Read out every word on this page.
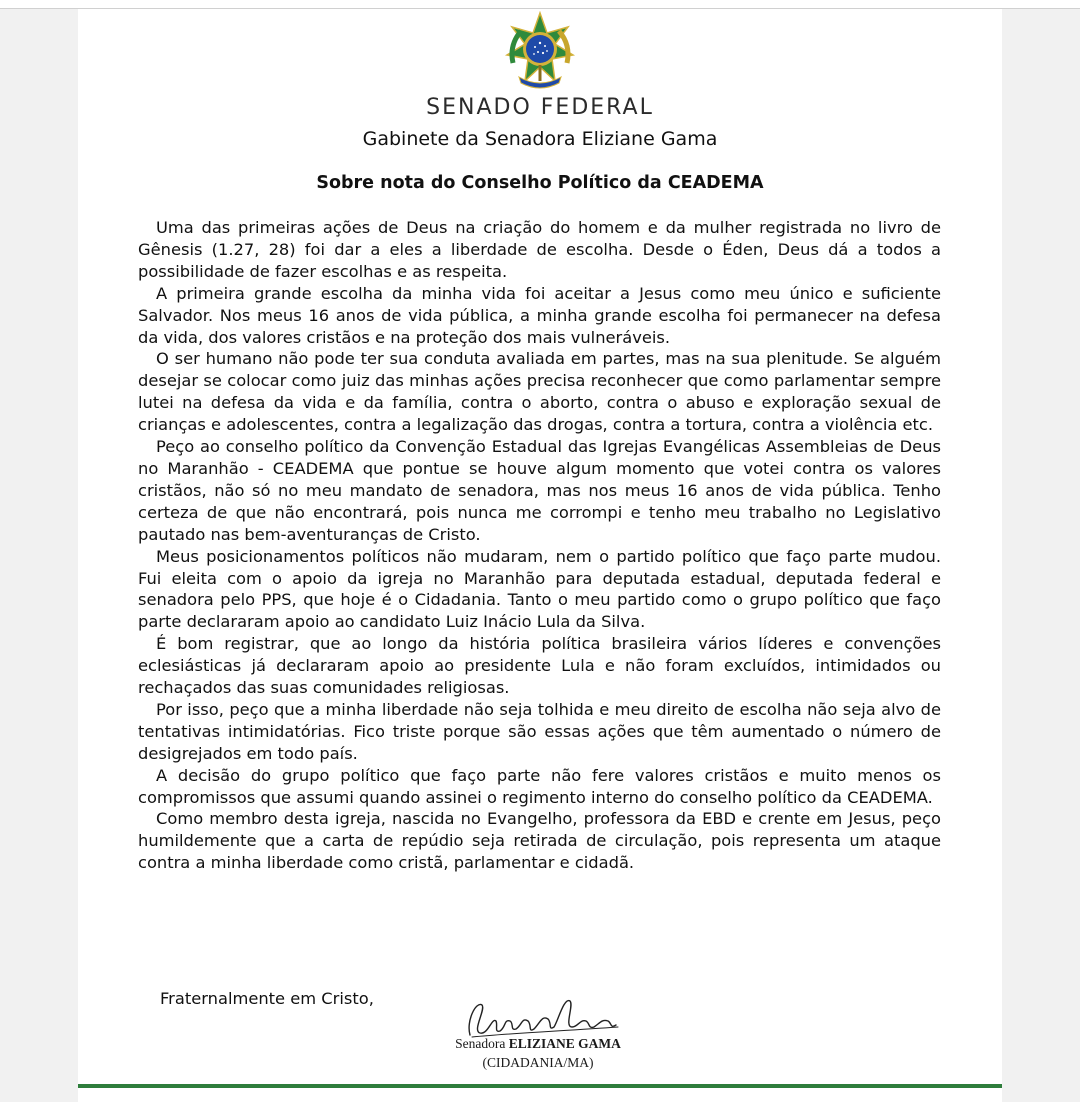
SENADO FEDERAL
Gabinete da Senadora Eliziane Gama
Sobre nota do Conselho Político da CEADEMA

Uma das primeiras ações de Deus na criação do homem e da mulher registrada no livro de Gênesis (1.27, 28) foi dar a eles a liberdade de escolha. Desde o Éden, Deus dá a todos a possibilidade de fazer escolhas e as respeita.

A primeira grande escolha da minha vida foi aceitar a Jesus como meu único e suficiente Salvador. Nos meus 16 anos de vida pública, a minha grande escolha foi permanecer na defesa da vida, dos valores cristãos e na proteção dos mais vulneráveis.

O ser humano não pode ter sua conduta avaliada em partes, mas na sua plenitude. Se alguém desejar se colocar como juiz das minhas ações precisa reconhecer que como parlamentar sempre lutei na defesa da vida e da família, contra o aborto, contra o abuso e exploração sexual de crianças e adolescentes, contra a legalização das drogas, contra a tortura, contra a violência etc.

Peço ao conselho político da Convenção Estadual das Igrejas Evangélicas Assembleias de Deus no Maranhão - CEADEMA que pontue se houve algum momento que votei contra os valores cristãos, não só no meu mandato de senadora, mas nos meus 16 anos de vida pública. Tenho certeza de que não encontrará, pois nunca me corrompi e tenho meu trabalho no Legislativo pautado nas bem-aventuranças de Cristo.

Meus posicionamentos políticos não mudaram, nem o partido político que faço parte mudou. Fui eleita com o apoio da igreja no Maranhão para deputada estadual, deputada federal e senadora pelo PPS, que hoje é o Cidadania. Tanto o meu partido como o grupo político que faço parte declararam apoio ao candidato Luiz Inácio Lula da Silva.

É bom registrar, que ao longo da história política brasileira vários líderes e convenções eclesiásticas já declararam apoio ao presidente Lula e não foram excluídos, intimidados ou rechaçados das suas comunidades religiosas.

Por isso, peço que a minha liberdade não seja tolhida e meu direito de escolha não seja alvo de tentativas intimidatórias. Fico triste porque são essas ações que têm aumentado o número de desigrejados em todo país.

A decisão do grupo político que faço parte não fere valores cristãos e muito menos os compromissos que assumi quando assinei o regimento interno do conselho político da CEADEMA.

Como membro desta igreja, nascida no Evangelho, professora da EBD e crente em Jesus, peço humildemente que a carta de repúdio seja retirada de circulação, pois representa um ataque contra a minha liberdade como cristã, parlamentar e cidadã.

Fraternalmente em Cristo,
Senadora ELIZIANE GAMA
(CIDADANIA/MA)
